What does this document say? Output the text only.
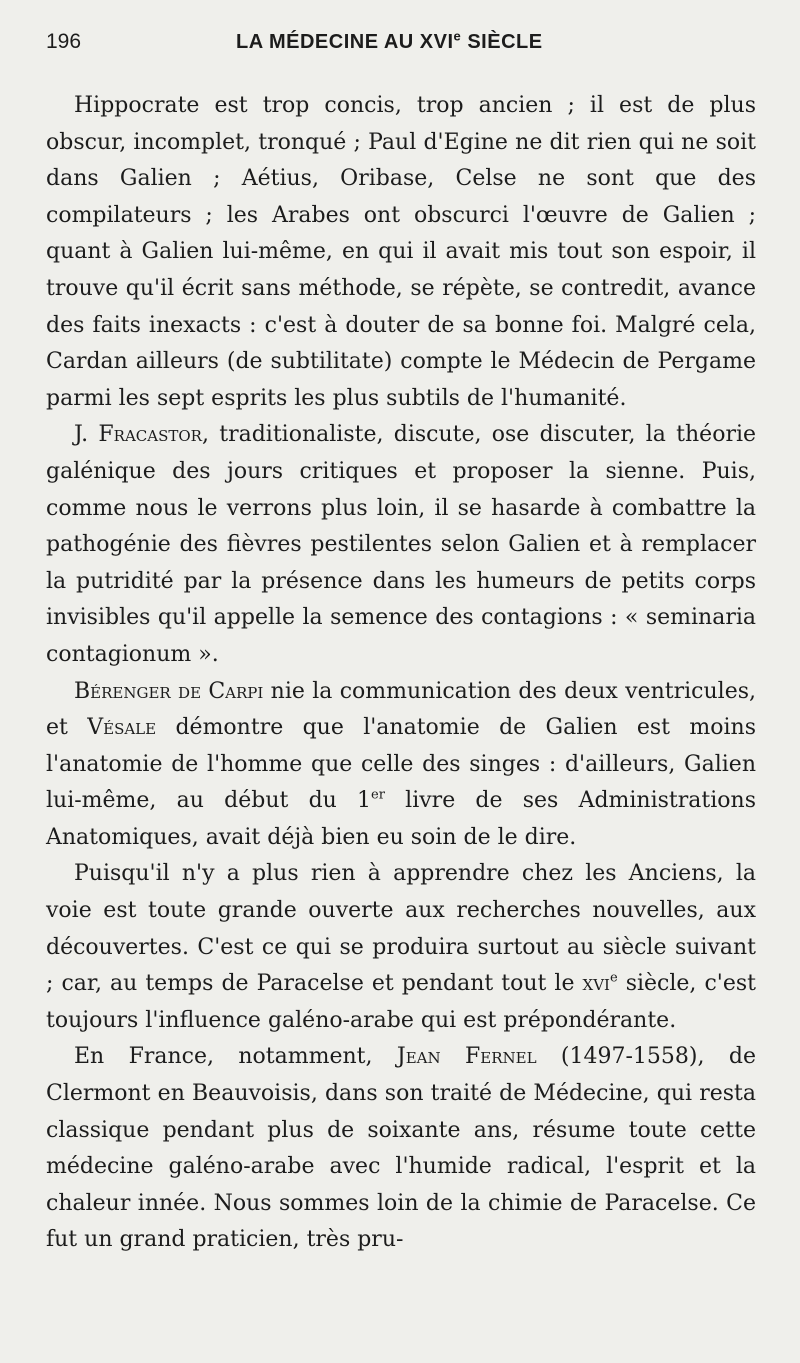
196	LA MÉDECINE AU XVIe SIÈCLE

Hippocrate est trop concis, trop ancien ; il est de plus obscur, incomplet, tronqué ; Paul d'Egine ne dit rien qui ne soit dans Galien ; Aétius, Oribase, Celse ne sont que des compilateurs ; les Arabes ont obscurci l'œuvre de Galien ; quant à Galien lui-même, en qui il avait mis tout son espoir, il trouve qu'il écrit sans méthode, se répète, se contredit, avance des faits inexacts : c'est à douter de sa bonne foi. Malgré cela, Cardan ailleurs (de subtilitate) compte le Médecin de Pergame parmi les sept esprits les plus subtils de l'humanité.

J. Fracastor, traditionaliste, discute, ose discuter, la théorie galénique des jours critiques et proposer la sienne. Puis, comme nous le verrons plus loin, il se hasarde à combattre la pathogénie des fièvres pestilentes selon Galien et à remplacer la putridité par la présence dans les humeurs de petits corps invisibles qu'il appelle la semence des contagions : « seminaria contagionum ».

Bérenger de Carpi nie la communication des deux ventricules, et Vésale démontre que l'anatomie de Galien est moins l'anatomie de l'homme que celle des singes : d'ailleurs, Galien lui-même, au début du 1er livre de ses Administrations Anatomiques, avait déjà bien eu soin de le dire.

Puisqu'il n'y a plus rien à apprendre chez les Anciens, la voie est toute grande ouverte aux recherches nouvelles, aux découvertes. C'est ce qui se produira surtout au siècle suivant ; car, au temps de Paracelse et pendant tout le xvi$^e$ siècle, c'est toujours l'influence galéno-arabe qui est prépondérante.

En France, notamment, Jean Fernel (1497-1558), de Clermont en Beauvoisis, dans son traité de Médecine, qui resta classique pendant plus de soixante ans, résume toute cette médecine galéno-arabe avec l'humide radical, l'esprit et la chaleur innée. Nous sommes loin de la chimie de Paracelse. Ce fut un grand praticien, très pru-
